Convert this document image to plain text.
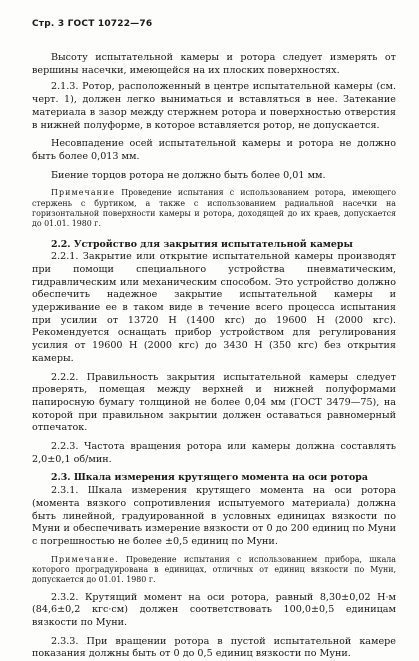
Стр. 3 ГОСТ 10722—76

Высоту испытательной камеры и ротора следует измерять от вершины насечки, имеющейся на их плоских поверхностях.

2.1.3. Ротор, расположенный в центре испытательной камеры (см. черт. 1), должен легко выниматься и вставляться в нее. Затекание материала в зазор между стержнем ротора и поверхностью отверстия в нижней полуформе, в которое вставляется ротор, не допускается.

Несовпадение осей испытательной камеры и ротора не должно быть более 0,013 мм.

Биение торцов ротора не должно быть более 0,01 мм.

Примечание Проведение испытания с использованием ротора, имеющего стержень с буртиком, а также с использованием радиальной насечки на горизонтальной поверхности камеры и ротора, доходящей до их краев, допускается до 01.01. 1980 г.

2.2. Устройство для закрытия испытательной камеры

2.2.1. Закрытие или открытие испытательной камеры производят при помощи специального устройства пневматическим, гидравлическим или механическим способом. Это устройство должно обеспечить надежное закрытие испытательной камеры и удерживание ее в таком виде в течение всего процесса испытания при усилии от 13720 Н (1400 кгс) до 19600 Н (2000 кгс). Рекомендуется оснащать прибор устройством для регулирования усилия от 19600 Н (2000 кгс) до 3430 Н (350 кгс) без открытия камеры.

2.2.2. Правильность закрытия испытательной камеры следует проверять, помещая между верхней и нижней полуформами папиросную бумагу толщиной не более 0,04 мм (ГОСТ 3479—75), на которой при правильном закрытии должен оставаться равномерный отпечаток.

2.2.3. Частота вращения ротора или камеры должна составлять 2,0±0,1 об/мин.

2.3. Шкала измерения крутящего момента на оси ротора

2.3.1. Шкала измерения крутящего момента на оси ротора (момента вязкого сопротивления испытуемого материала) должна быть линейной, градуированной в условных единицах вязкости по Муни и обеспечивать измерение вязкости от 0 до 200 единиц по Муни с погрешностью не более ±0,5 единиц по Муни.

Примечание. Проведение испытания с использованием прибора, шкала которого проградуирована в единицах, отличных от единиц вязкости по Муни, допускается до 01.01. 1980 г.

2.3.2. Крутящий момент на оси ротора, равный 8,30±0,02 Н·м (84,6±0,2 кгс·см) должен соответствовать 100,0±0,5 единицам вязкости по Муни.

2.3.3. При вращении ротора в пустой испытательной камере показания должны быть от 0 до 0,5 единиц вязкости по Муни.
